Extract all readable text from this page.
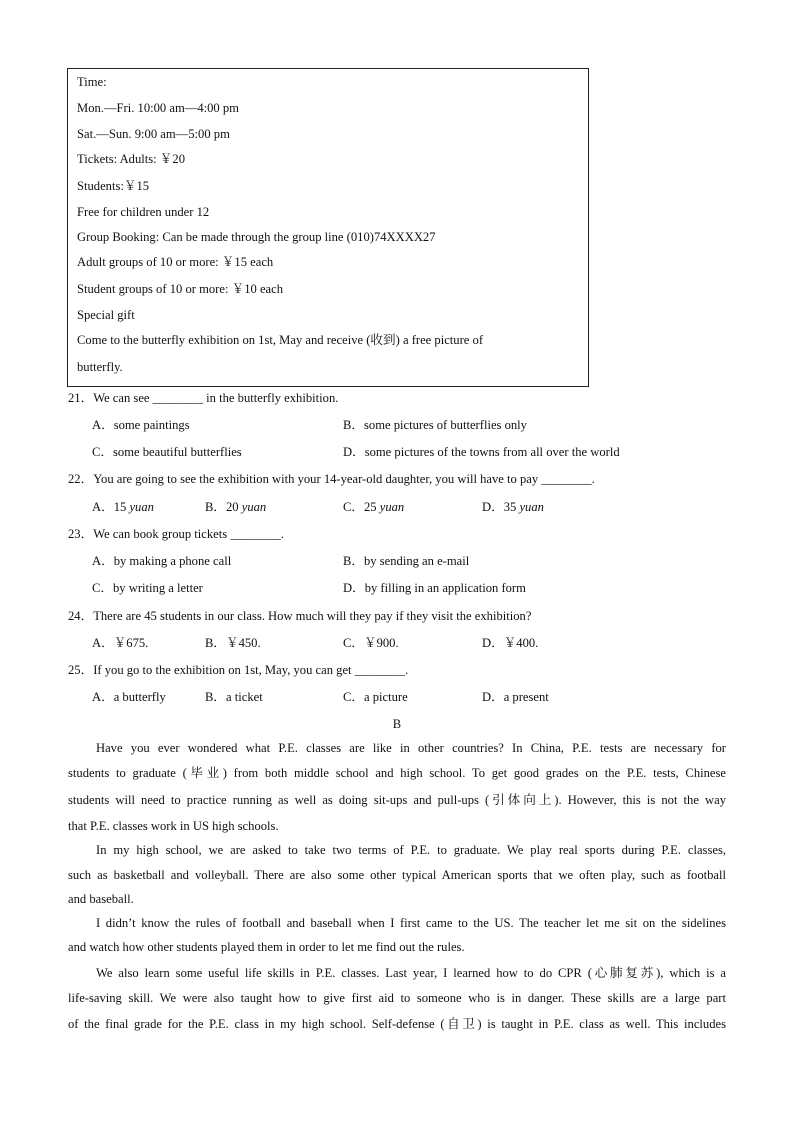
Time:
Mon.—Fri. 10:00 am—4:00 pm
Sat.—Sun. 9:00 am—5:00 pm
Tickets: Adults: ￥20
Students:￥15
Free for children under 12
Group Booking: Can be made through the group line (010)74XXXX27
Adult groups of 10 or more: ￥15 each
Student groups of 10 or more: ￥10 each
Special gift
Come to the butterfly exhibition on 1st, May and receive (收到) a free picture of
butterfly.
21．We can see ________ in the butterfly exhibition.
A．some paintings	B．some pictures of butterflies only
C．some beautiful butterflies	D．some pictures of the towns from all over the world
22．You are going to see the exhibition with your 14-year-old daughter, you will have to pay ________.
A．15 yuan	B．20 yuan	C．25 yuan	D．35 yuan
23．We can book group tickets ________.
A．by making a phone call	B．by sending an e-mail
C．by writing a letter	D．by filling in an application form
24．There are 45 students in our class. How much will they pay if they visit the exhibition?
A．￥675.	B．￥450.	C．￥900.	D．￥400.
25．If you go to the exhibition on 1st, May, you can get ________.
A．a butterfly	B．a ticket	C．a picture	D．a present
B
Have you ever wondered what P.E. classes are like in other countries? In China, P.E. tests are necessary for
students to graduate (毕业) from both middle school and high school. To get good grades on the P.E. tests, Chinese
students will need to practice running as well as doing sit-ups and pull-ups (引体向上). However, this is not the way
that P.E. classes work in US high schools.
In my high school, we are asked to take two terms of P.E. to graduate. We play real sports during P.E. classes,
such as basketball and volleyball. There are also some other typical American sports that we often play, such as football
and baseball.
I didn’t know the rules of football and baseball when I first came to the US. The teacher let me sit on the sidelines
and watch how other students played them in order to let me find out the rules.
We also learn some useful life skills in P.E. classes. Last year, I learned how to do CPR (心肺复苏), which is a
life-saving skill. We were also taught how to give first aid to someone who is in danger. These skills are a large part
of the final grade for the P.E. class in my high school. Self-defense (自卫) is taught in P.E. class as well. This includes
